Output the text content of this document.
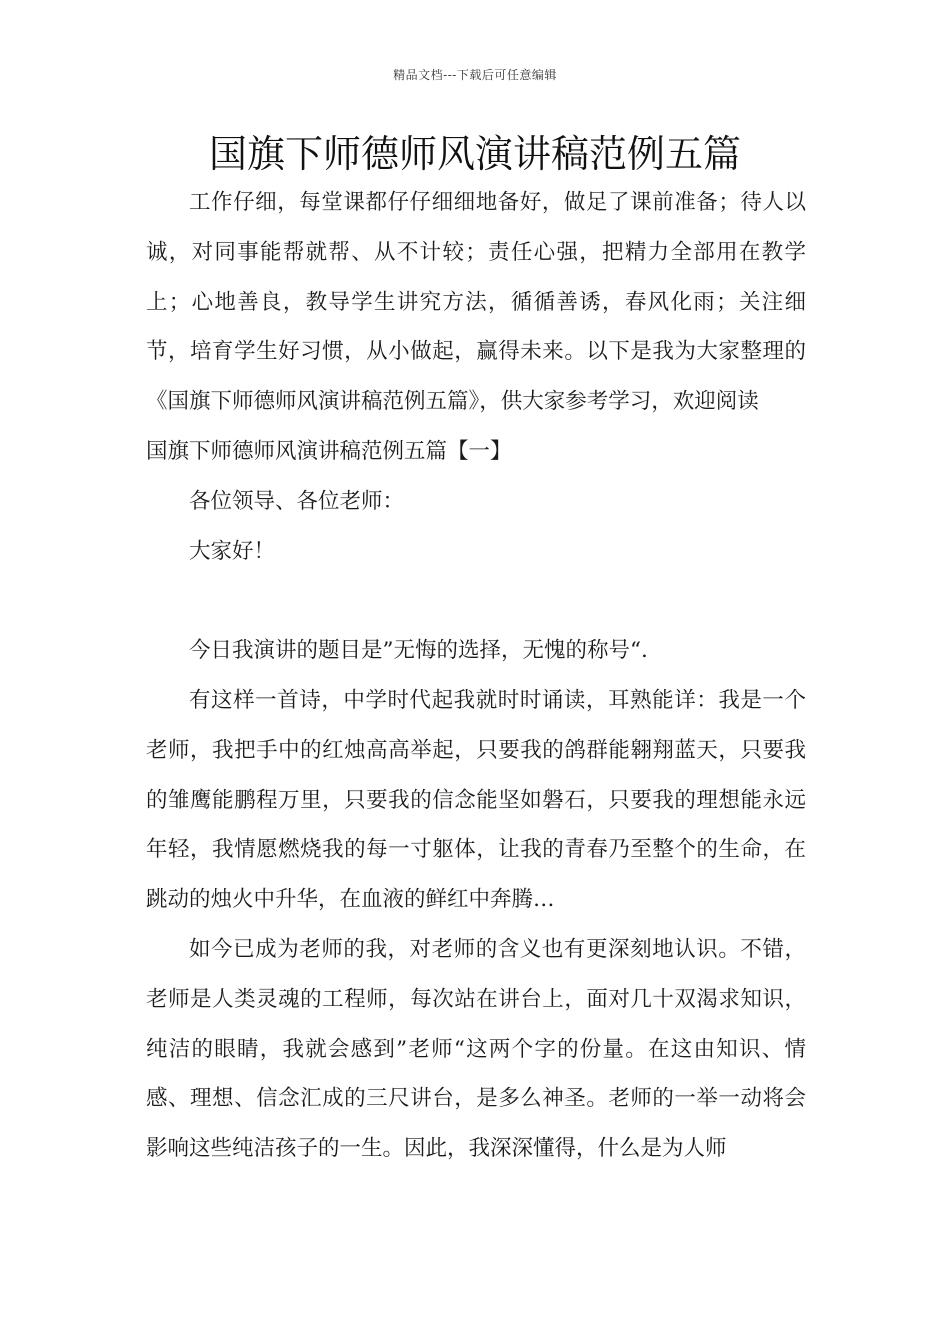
精品文档---下载后可任意编辑
国旗下师德师风演讲稿范例五篇

工作仔细，每堂课都仔仔细细地备好，做足了课前准备；待人以诚，对同事能帮就帮、从不计较；责任心强，把精力全部用在教学上；心地善良，教导学生讲究方法，循循善诱，春风化雨；关注细节，培育学生好习惯，从小做起，赢得未来。以下是我为大家整理的《国旗下师德师风演讲稿范例五篇》，供大家参考学习，欢迎阅读

国旗下师德师风演讲稿范例五篇【一】

各位领导、各位老师：

大家好！

今日我演讲的题目是”无悔的选择，无愧的称号“.

有这样一首诗，中学时代起我就时时诵读，耳熟能详：我是一个老师，我把手中的红烛高高举起，只要我的鸽群能翱翔蓝天，只要我的雏鹰能鹏程万里，只要我的信念能坚如磐石，只要我的理想能永远年轻，我情愿燃烧我的每一寸躯体，让我的青春乃至整个的生命，在跳动的烛火中升华，在血液的鲜红中奔腾…

如今已成为老师的我，对老师的含义也有更深刻地认识。不错，老师是人类灵魂的工程师，每次站在讲台上，面对几十双渴求知识，纯洁的眼睛，我就会感到”老师“这两个字的份量。在这由知识、情感、理想、信念汇成的三尺讲台，是多么神圣。老师的一举一动将会影响这些纯洁孩子的一生。因此，我深深懂得，什么是为人师
